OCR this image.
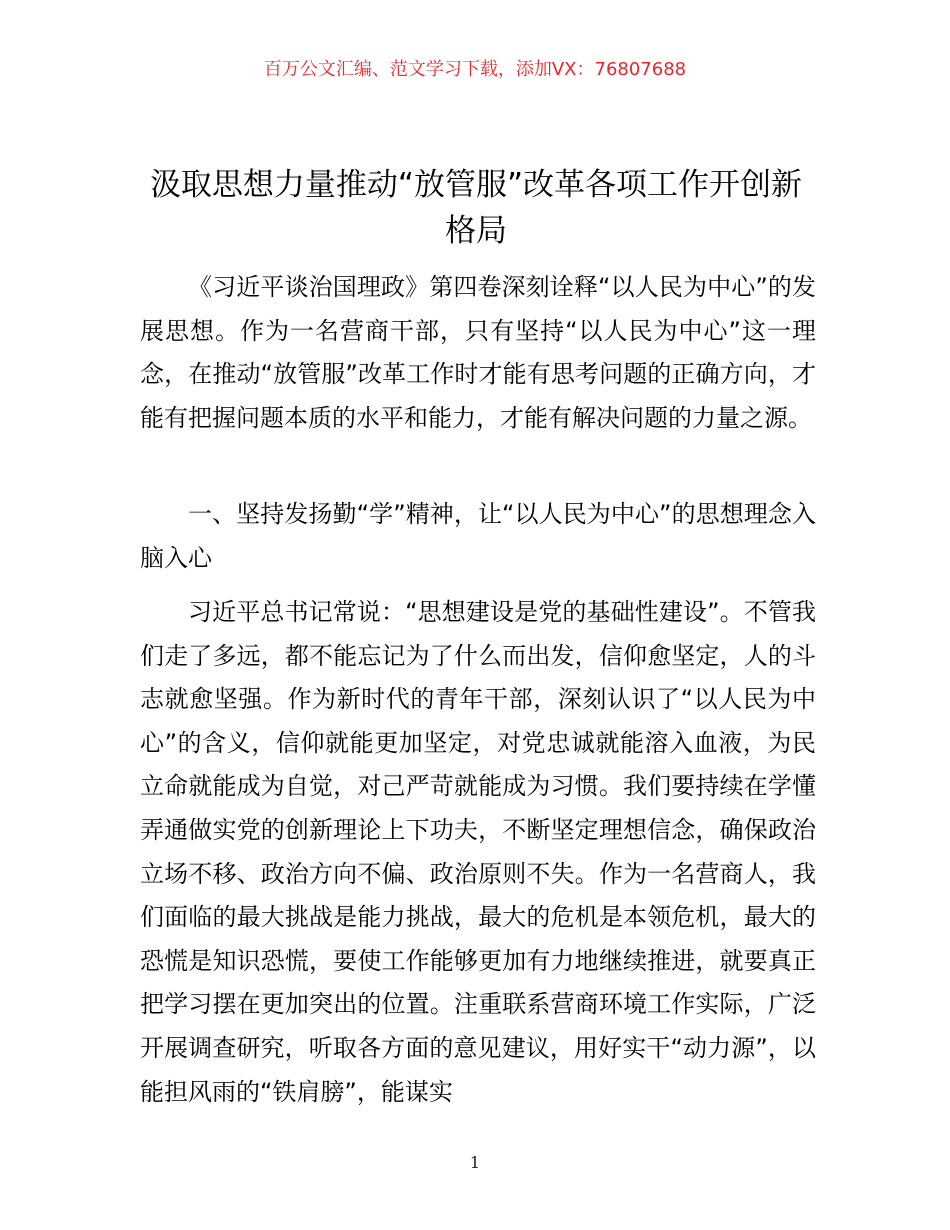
百万公文汇编、范文学习下载，添加VX：76807688
汲取思想力量推动“放管服”改革各项工作开创新格局

《习近平谈治国理政》第四卷深刻诠释“以人民为中心”的发展思想。作为一名营商干部，只有坚持“以人民为中心”这一理念，在推动“放管服”改革工作时才能有思考问题的正确方向，才能有把握问题本质的水平和能力，才能有解决问题的力量之源。

一、坚持发扬勤“学”精神，让“以人民为中心”的思想理念入脑入心

习近平总书记常说：“思想建设是党的基础性建设”。不管我们走了多远，都不能忘记为了什么而出发，信仰愈坚定，人的斗志就愈坚强。作为新时代的青年干部，深刻认识了“以人民为中心”的含义，信仰就能更加坚定，对党忠诚就能溶入血液，为民立命就能成为自觉，对己严苛就能成为习惯。我们要持续在学懂弄通做实党的创新理论上下功夫，不断坚定理想信念，确保政治立场不移、政治方向不偏、政治原则不失。作为一名营商人，我们面临的最大挑战是能力挑战，最大的危机是本领危机，最大的恐慌是知识恐慌，要使工作能够更加有力地继续推进，就要真正把学习摆在更加突出的位置。注重联系营商环境工作实际，广泛开展调查研究，听取各方面的意见建议，用好实干“动力源”，以能担风雨的“铁肩膀”，能谋实

1
